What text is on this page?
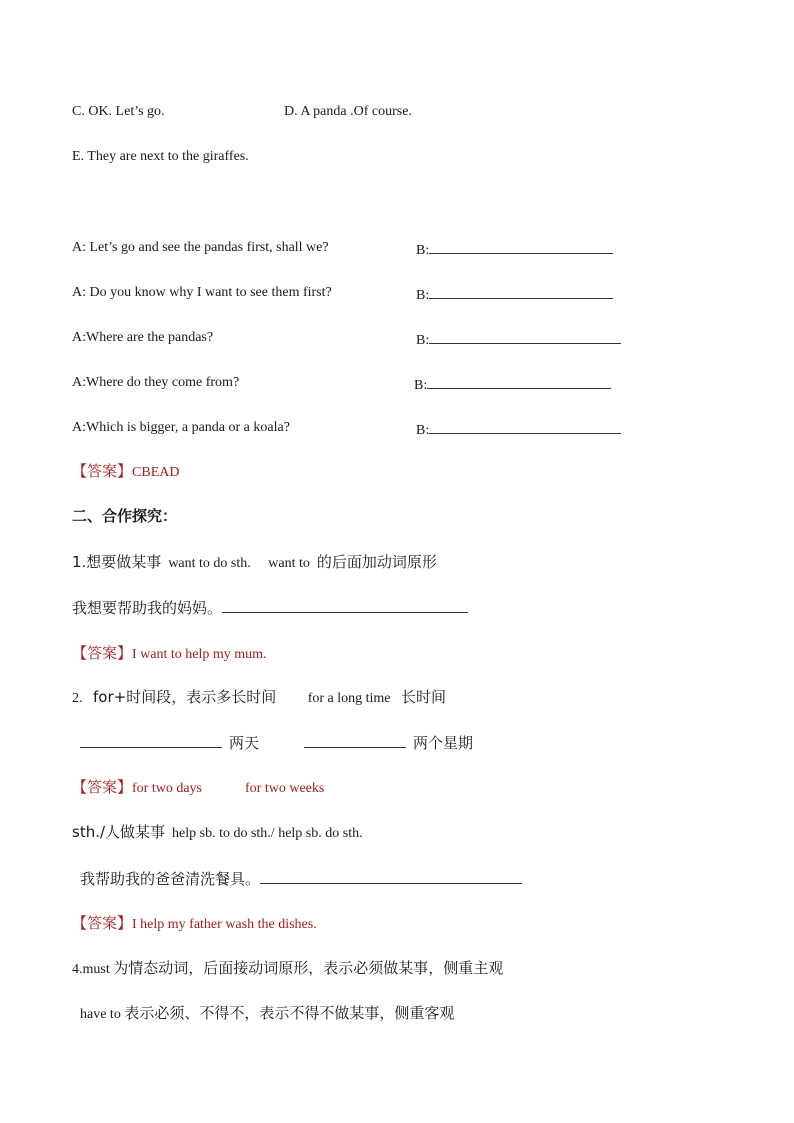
C. OK. Let’s go.	D. A panda .Of course.
E. They are next to the giraffes.
A: Let’s go and see the pandas first, shall we?	B:
A: Do you know why I want to see them first?	B:
A:Where are the pandas?	B:
A:Where do they come from?	B:
A:Which is bigger, a panda or a koala?	B:
【答案】CBEAD
二、合作探究：
1.想要做某事 want to do sth. want to 的后面加动词原形
我想要帮助我的妈妈。
【答案】I want to help my mum.
2. for+时间段，表示多长时间 for a long time 长时间
两天	两个星期
【答案】for two days	for two weeks
sth./人做某事 help sb. to do sth./ help sb. do sth.
我帮助我的爸爸清洗餐具。
【答案】I help my father wash the dishes.
4.must 为情态动词，后面接动词原形，表示必须做某事，侧重主观
have to 表示必须、不得不，表示不得不做某事，侧重客观
